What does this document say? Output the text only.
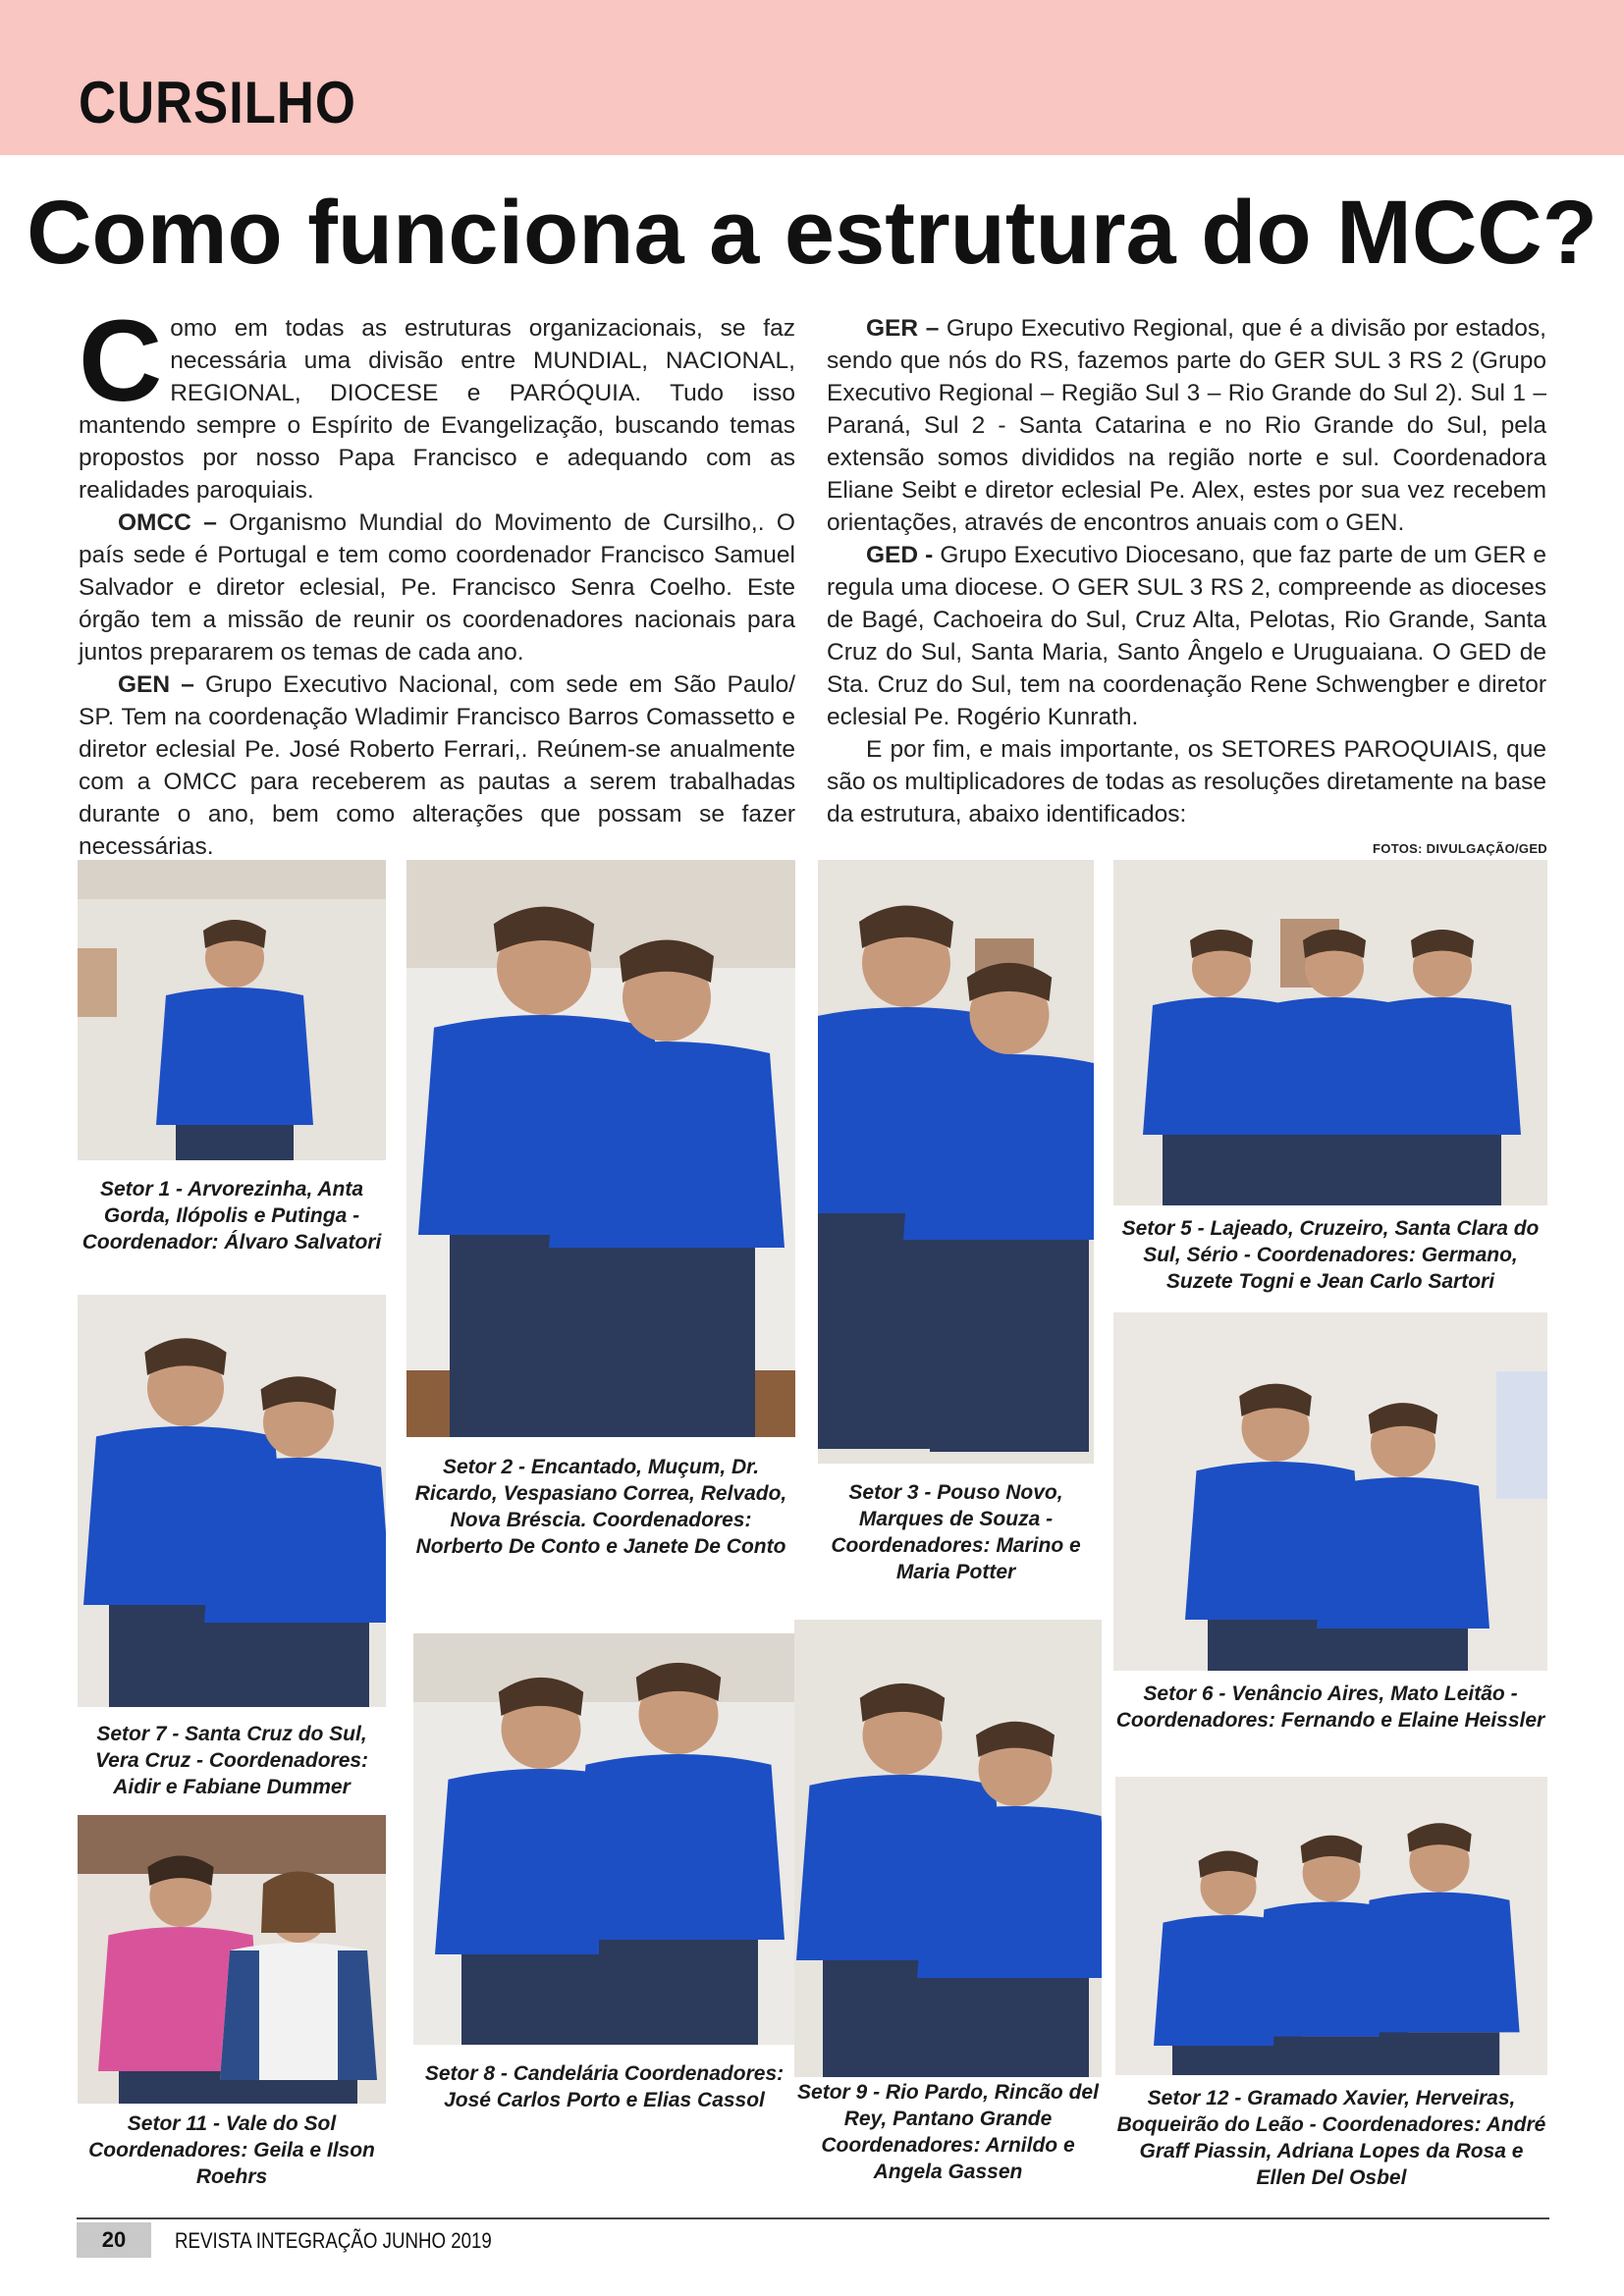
CURSILHO
Como funciona a estrutura do MCC?

Como em todas as estruturas organizacionais, se faz necessária uma divisão entre MUNDIAL, NACIONAL, REGIONAL, DIOCESE e PARÓQUIA. Tudo isso mantendo sempre o Espírito de Evangelização, buscando temas propostos por nosso Papa Francisco e adequando com as realidades paroquiais.

OMCC – Organismo Mundial do Movimento de Cursilho,. O país sede é Portugal e tem como coordenador Francisco Samuel Salvador e diretor eclesial, Pe. Francisco Senra Coelho. Este órgão tem a missão de reunir os coordenadores nacionais para juntos prepararem os temas de cada ano.

GEN – Grupo Executivo Nacional, com sede em São Paulo/ SP. Tem na coordenação Wladimir Francisco Barros Comassetto e diretor eclesial Pe. José Roberto Ferrari,. Reúnem-se anualmente com a OMCC para receberem as pautas a serem trabalhadas durante o ano, bem como alterações que possam se fazer necessárias.

GER – Grupo Executivo Regional, que é a divisão por estados, sendo que nós do RS, fazemos parte do GER SUL 3 RS 2 (Grupo Executivo Regional – Região Sul 3 – Rio Grande do Sul 2). Sul 1 – Paraná, Sul 2 - Santa Catarina e no Rio Grande do Sul, pela extensão somos divididos na região norte e sul. Coordenadora Eliane Seibt e diretor eclesial Pe. Alex, estes por sua vez recebem orientações, através de encontros anuais com o GEN.

GED - Grupo Executivo Diocesano, que faz parte de um GER e regula uma diocese. O GER SUL 3 RS 2, compreende as dioceses de Bagé, Cachoeira do Sul, Cruz Alta, Pelotas, Rio Grande, Santa Cruz do Sul, Santa Maria, Santo Ângelo e Uruguaiana. O GED de Sta. Cruz do Sul, tem na coordenação Rene Schwengber e diretor eclesial Pe. Rogério Kunrath.

E por fim, e mais importante, os SETORES PAROQUIAIS, que são os multiplicadores de todas as resoluções diretamente na base da estrutura, abaixo identificados:

FOTOS: DIVULGAÇÃO/GED
Setor 1 - Arvorezinha, Anta Gorda, Ilópolis e Putinga - Coordenador: Álvaro Salvatori
Setor 2 - Encantado, Muçum, Dr. Ricardo, Vespasiano Correa, Relvado, Nova Bréscia. Coordenadores: Norberto De Conto e Janete De Conto
Setor 3 - Pouso Novo, Marques de Souza - Coordenadores: Marino e Maria Potter
Setor 5 - Lajeado, Cruzeiro, Santa Clara do Sul, Sério - Coordenadores: Germano, Suzete Togni e Jean Carlo Sartori
Setor 6 - Venâncio Aires, Mato Leitão - Coordenadores: Fernando e Elaine Heissler
Setor 7 - Santa Cruz do Sul, Vera Cruz - Coordenadores: Aidir e Fabiane Dummer
Setor 8 - Candelária Coordenadores: José Carlos Porto e Elias Cassol	Setor 9 - Rio Pardo, Rincão del Rey, Pantano Grande Coordenadores: Arnildo e Angela Gassen
Setor 11 - Vale do Sol Coordenadores: Geila e Ilson Roehrs
Setor 12 - Gramado Xavier, Herveiras, Boqueirão do Leão - Coordenadores: André Graff Piassin, Adriana Lopes da Rosa e Ellen Del Osbel
20	REVISTA INTEGRAÇÃO JUNHO 2019
